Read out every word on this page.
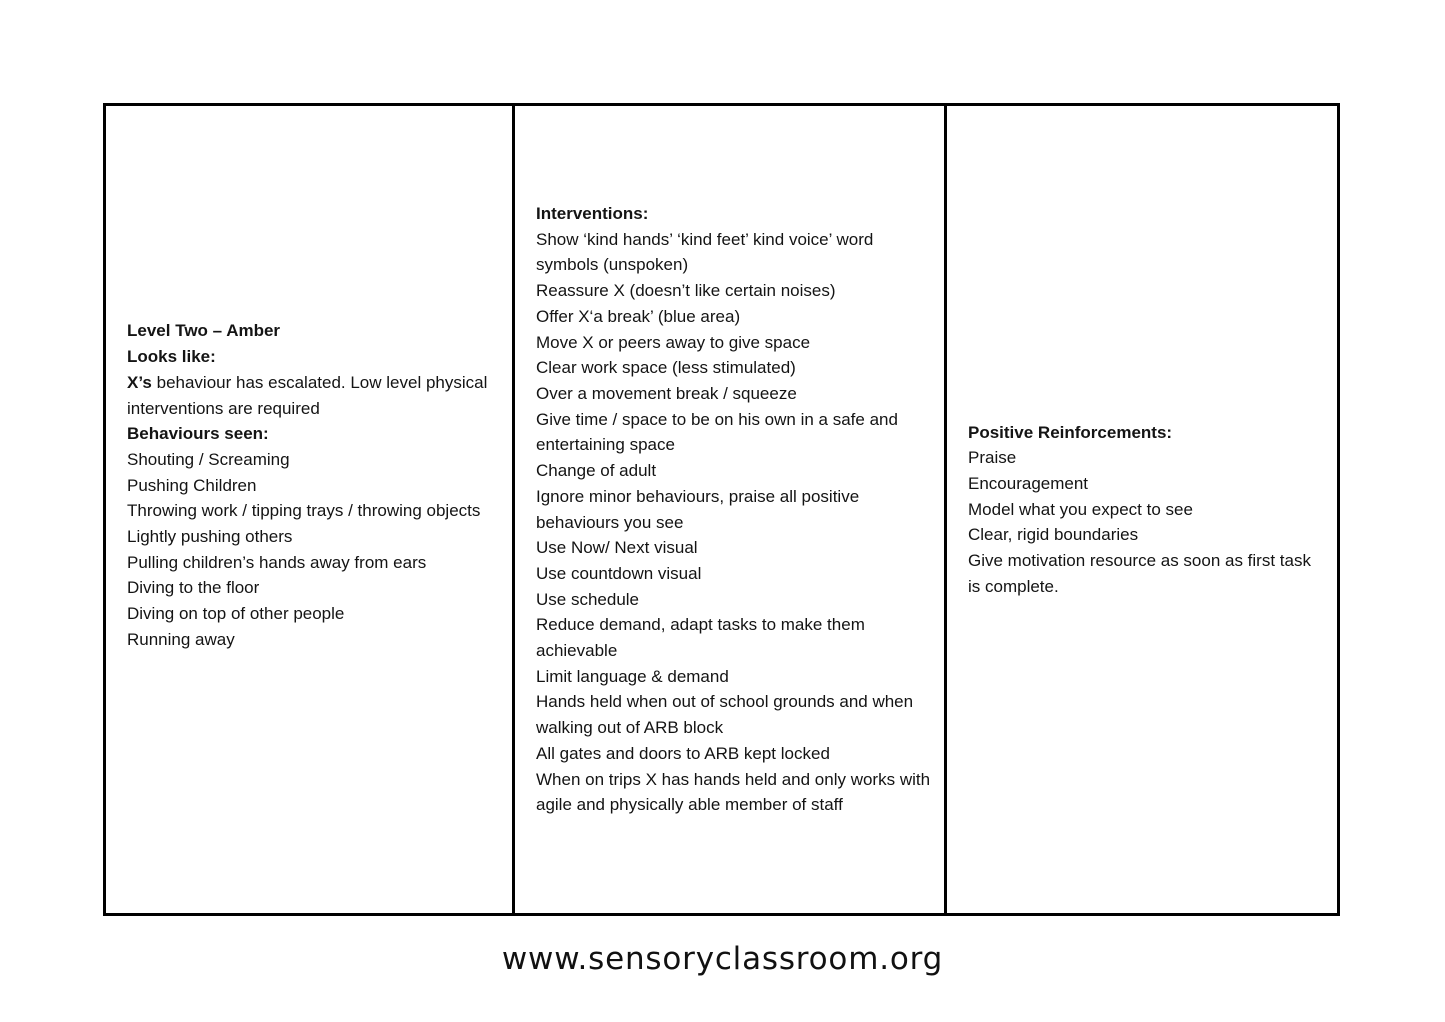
Level Two – Amber
Looks like:
X’s behaviour has escalated. Low level physical interventions are required
Behaviours seen:
Shouting / Screaming
Pushing Children
Throwing work / tipping trays / throwing objects
Lightly pushing others
Pulling children’s hands away from ears
Diving to the floor
Diving on top of other people
Running away
Interventions:
Show ‘kind hands’ ‘kind feet’ kind voice’ word symbols (unspoken)
Reassure X (doesn’t like certain noises)
Offer X‘a break’ (blue area)
Move X or peers away to give space
Clear work space (less stimulated)
Over a movement break / squeeze
Give time / space to be on his own in a safe and entertaining space
Change of adult
Ignore minor behaviours, praise all positive behaviours you see
Use Now/ Next visual
Use countdown visual
Use schedule
Reduce demand, adapt tasks to make them achievable
Limit language & demand
Hands held when out of school grounds and when walking out of ARB block
All gates and doors to ARB kept locked
When on trips X has hands held and only works with agile and physically able member of staff
Positive Reinforcements:
Praise
Encouragement
Model what you expect to see
Clear, rigid boundaries
Give motivation resource as soon as first task is complete.
www.sensoryclassroom.org
